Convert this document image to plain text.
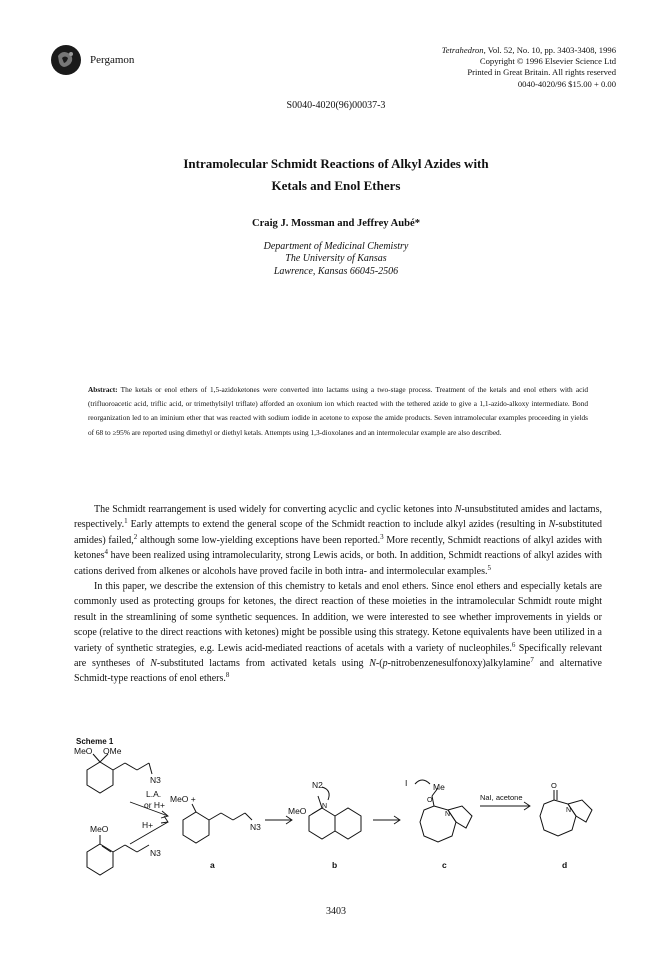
Pergamon
Tetrahedron, Vol. 52, No. 10, pp. 3403-3408, 1996
Copyright © 1996 Elsevier Science Ltd
Printed in Great Britain. All rights reserved
0040-4020/96 $15.00 + 0.00
S0040-4020(96)00037-3
Intramolecular Schmidt Reactions of Alkyl Azides with
Ketals and Enol Ethers
Craig J. Mossman and Jeffrey Aubé*
Department of Medicinal Chemistry
The University of Kansas
Lawrence, Kansas 66045-2506
Abstract: The ketals or enol ethers of 1,5-azidoketones were converted into lactams using a two-stage process. Treatment of the ketals and enol ethers with acid (trifluoroacetic acid, triflic acid, or trimethylsilyl triflate) afforded an oxonium ion which reacted with the tethered azide to give a 1,1-azido-alkoxy intermediate. Bond reorganization led to an iminium ether that was reacted with sodium iodide in acetone to expose the amide products. Seven intramolecular examples proceeding in yields of 68 to ≥95% are reported using dimethyl or diethyl ketals. Attempts using 1,3-dioxolanes and an intermolecular example are also described.

The Schmidt rearrangement is used widely for converting acyclic and cyclic ketones into N-unsubstituted amides and lactams, respectively.$^1$ Early attempts to extend the general scope of the Schmidt reaction to include alkyl azides (resulting in N-substituted amides) failed,$^2$ although some low-yielding exceptions have been reported.$^3$ More recently, Schmidt reactions of alkyl azides with ketones$^4$ have been realized using intramolecularity, strong Lewis acids, or both. In addition, Schmidt reactions of alkyl azides with cations derived from alkenes or alcohols have proved facile in both intra- and intermolecular examples.$^5$

In this paper, we describe the extension of this chemistry to ketals and enol ethers. Since enol ethers and especially ketals are commonly used as protecting groups for ketones, the direct reaction of these moieties in the intramolecular Schmidt route might result in the streamlining of some synthetic sequences. In addition, we were interested to see whether improvements in yields or scope (relative to the direct reactions with ketones) might be possible using this strategy. Ketone equivalents have been utilized in a variety of synthetic strategies, e.g. Lewis acid-mediated reactions of acetals with a variety of nucleophiles.$^6$ Specifically relevant are syntheses of N-substituted lactams from activated ketals using N-(p-nitrobenzenesulfonoxy)alkylamine$^7$ and alternative Schmidt-type reactions of enol ethers.$^8$

Scheme 1
MeO OMe
N3
L.A.
or H+
H+
MeO
N3
MeO +
N3
a
N2
N
MeO
b
I	Me
O
N
c
NaI, acetone
O
N
d
3403
